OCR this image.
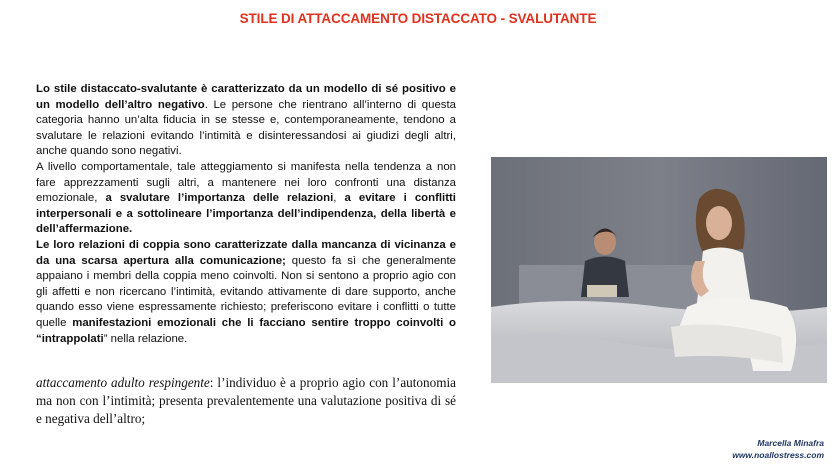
STILE DI ATTACCAMENTO DISTACCATO - SVALUTANTE

Lo stile distaccato-svalutante è caratterizzato da un modello di sé positivo e un modello dell’altro negativo. Le persone che rientrano all’interno di questa categoria hanno un’alta fiducia in se stesse e, contemporaneamente, tendono a svalutare le relazioni evitando l’intimità e disinteressandosi ai giudizi degli altri, anche quando sono negativi.

A livello comportamentale, tale atteggiamento si manifesta nella tendenza a non fare apprezzamenti sugli altri, a mantenere nei loro confronti una distanza emozionale, a svalutare l’importanza delle relazioni, a evitare i conflitti interpersonali e a sottolineare l’importanza dell’indipendenza, della libertà e dell’affermazione.

Le loro relazioni di coppia sono caratterizzate dalla mancanza di vicinanza e da una scarsa apertura alla comunicazione; questo fa sì che generalmente appaiano i membri della coppia meno coinvolti. Non si sentono a proprio agio con gli affetti e non ricercano l’intimità, evitando attivamente di dare supporto, anche quando esso viene espressamente richiesto; preferiscono evitare i conflitti o tutte quelle manifestazioni emozionali che li facciano sentire troppo coinvolti o “intrappolati” nella relazione.

attaccamento adulto respingente: l’individuo è a proprio agio con l’autonomia ma non con l’intimità; presenta prevalentemente una valutazione positiva di sé e negativa dell’altro;
Marcella Minafra
www.noallostress.com
